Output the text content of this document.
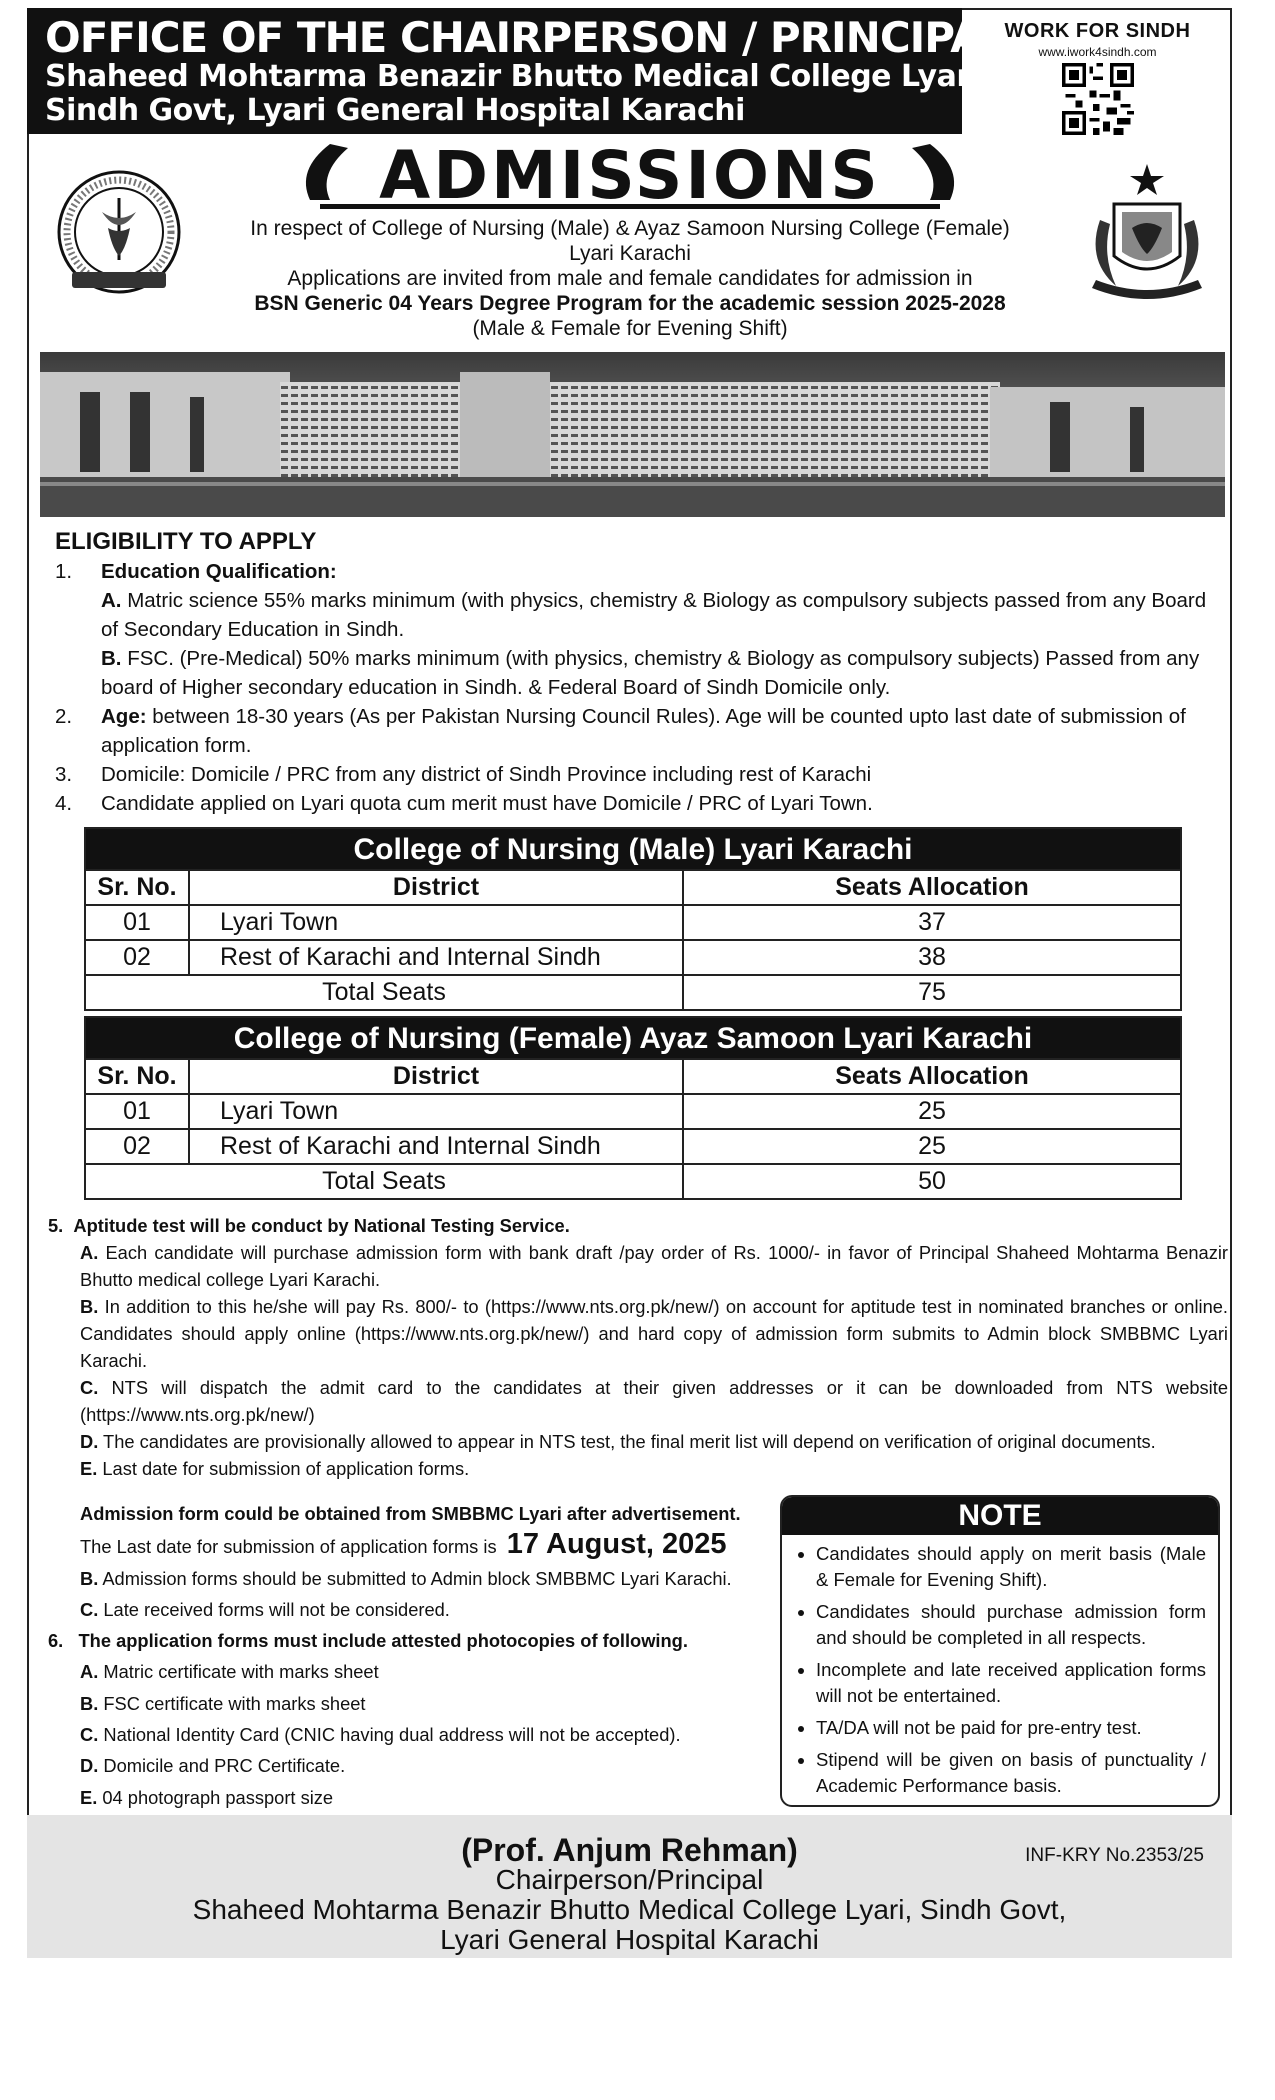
OFFICE OF THE CHAIRPERSON / PRINCIPAL
Shaheed Mohtarma Benazir Bhutto Medical College Lyari
Sindh Govt, Lyari General Hospital Karachi
WORK FOR SINDH
www.iwork4sindh.com
ADMISSIONS
In respect of College of Nursing (Male) & Ayaz Samoon Nursing College (Female)
Lyari Karachi
Applications are invited from male and female candidates for admission in
BSN Generic 04 Years Degree Program for the academic session 2025-2028
(Male & Female for Evening Shift)
ELIGIBILITY TO APPLY
1. Education Qualification:
A. Matric science 55% marks minimum (with physics, chemistry & Biology as compulsory subjects passed from any Board of Secondary Education in Sindh.
B. FSC. (Pre-Medical) 50% marks minimum (with physics, chemistry & Biology as compulsory subjects) Passed from any board of Higher secondary education in Sindh. & Federal Board of Sindh Domicile only.
2. Age: between 18-30 years (As per Pakistan Nursing Council Rules). Age will be counted upto last date of submission of application form.
3. Domicile: Domicile / PRC from any district of Sindh Province including rest of Karachi
4. Candidate applied on Lyari quota cum merit must have Domicile / PRC of Lyari Town.
College of Nursing (Male) Lyari Karachi		
Sr. No.	District	Seats Allocation
01	Lyari Town	37
02	Rest of Karachi and Internal Sindh	38
Total Seats		75
College of Nursing (Female) Ayaz Samoon Lyari Karachi		
Sr. No.	District	Seats Allocation
01	Lyari Town	25
02	Rest of Karachi and Internal Sindh	25
Total Seats		50
5. Aptitude test will be conduct by National Testing Service.
A. Each candidate will purchase admission form with bank draft /pay order of Rs. 1000/- in favor of Principal Shaheed Mohtarma Benazir Bhutto medical college Lyari Karachi.
B. In addition to this he/she will pay Rs. 800/- to (https://www.nts.org.pk/new/) on account for aptitude test in nominated branches or online. Candidates should apply online (https://www.nts.org.pk/new/) and hard copy of admission form submits to Admin block SMBBMC Lyari Karachi.
C. NTS will dispatch the admit card to the candidates at their given addresses or it can be downloaded from NTS website (https://www.nts.org.pk/new/)
D. The candidates are provisionally allowed to appear in NTS test, the final merit list will depend on verification of original documents.
E. Last date for submission of application forms.
Admission form could be obtained from SMBBMC Lyari after advertisement.
The Last date for submission of application forms is 17 August, 2025
B. Admission forms should be submitted to Admin block SMBBMC Lyari Karachi.
C. Late received forms will not be considered.
6. The application forms must include attested photocopies of following.
A. Matric certificate with marks sheet
B. FSC certificate with marks sheet
C. National Identity Card (CNIC having dual address will not be accepted).
D. Domicile and PRC Certificate.
E. 04 photograph passport size
NOTE
• Candidates should apply on merit basis (Male & Female for Evening Shift).
• Candidates should purchase admission form and should be completed in all respects.
• Incomplete and late received application forms will not be entertained.
• TA/DA will not be paid for pre-entry test.
• Stipend will be given on basis of punctuality / Academic Performance basis.
INF-KRY No.2353/25
(Prof. Anjum Rehman)
Chairperson/Principal
Shaheed Mohtarma Benazir Bhutto Medical College Lyari, Sindh Govt,
Lyari General Hospital Karachi
